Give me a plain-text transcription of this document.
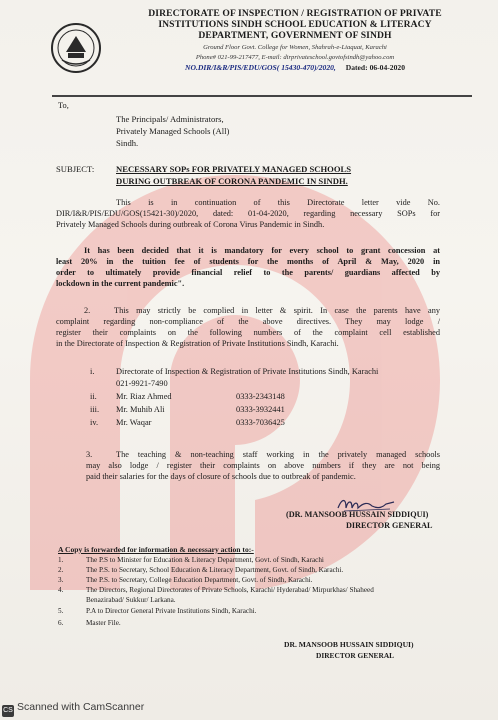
DIRECTORATE OF INSPECTION / REGISTRATION OF PRIVATE
INSTITUTIONS SINDH SCHOOL EDUCATION & LITERACY
DEPARTMENT, GOVERNMENT OF SINDH
Ground Floor Govt. College for Women, Shahrah-e-Liaquat, Karachi
Phone# 021-99-217477, E-mail: dirprivateschool.govtofsindh@yahoo.com
NO.DIR/I&R/PIS/EDU/GOS( 15430-470)/2020, Dated: 06-04-2020
To,
The Principals/ Administrators,
Privately Managed Schools (All)
Sindh.
SUBJECT:	NECESSARY SOPs FOR PRIVATELY MANAGED SCHOOLS
DURING OUTBREAK OF CORONA PANDEMIC IN SINDH.
This is in continuation of this Directorate letter vide No.
DIR/I&R/PIS/EDU/GOS(15421-30)/2020, dated: 01-04-2020, regarding necessary SOPs for
Privately Managed Schools during outbreak of Corona Virus Pandemic in Sindh.
It has been decided that it is mandatory for every school to grant concession at
least 20% in the tuition fee of students for the months of April & May, 2020 in
order to ultimately provide financial relief to the parents/ guardians affected by
lockdown in the current pandemic".
2.	This may strictly be complied in letter & spirit. In case the parents have any
complaint regarding non-compliance of the above directives. They may lodge /
register their complaints on the following numbers of the complaint cell established
in the Directorate of Inspection & Registration of Private Institutions Sindh, Karachi.
i.	Directorate of Inspection & Registration of Private Institutions Sindh, Karachi
021-9921-7490
ii. Mr. Riaz Ahmed	0333-2343148
iii. Mr. Muhib Ali	0333-3932441
iv. Mr. Waqar	0333-7036425
3.	The teaching & non-teaching staff working in the privately managed schools
may also lodge / register their complaints on above numbers if they are not being
paid their salaries for the days of closure of schools due to outbreak of pandemic.
(DR. MANSOOB HUSSAIN SIDDIQUI)
DIRECTOR GENERAL
A Copy is forwarded for information & necessary action to:-
1.	The P.S to Minister for Education & Literacy Department, Govt. of Sindh, Karachi
2.	The P.S. to Secretary, School Education & Literacy Department, Govt. of Sindh, Karachi.
3.	The P.S. to Secretary, College Education Department, Govt. of Sindh, Karachi.
4.	The Directors, Regional Directorates of Private Schools, Karachi/ Hyderabad/ Mirpurkhas/ Shaheed
Benazirabad/ Sukkur/ Larkana.
5.	P.A to Director General Private Institutions Sindh, Karachi.
6.	Master File.
DR. MANSOOB HUSSAIN SIDDIQUI)
DIRECTOR GENERAL
CS Scanned with CamScanner
